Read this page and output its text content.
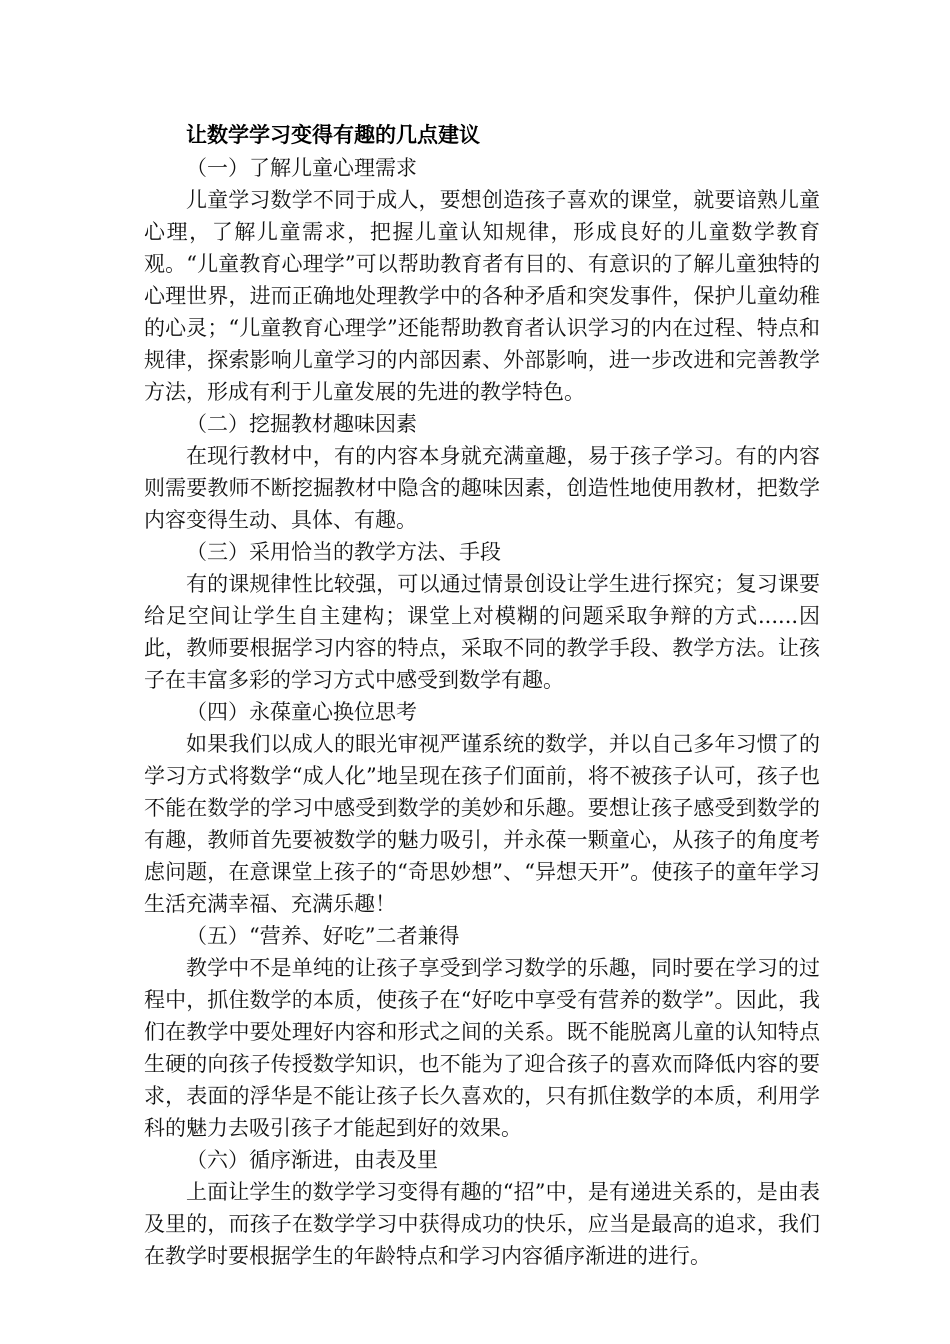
让数学学习变得有趣的几点建议

（一）了解儿童心理需求

儿童学习数学不同于成人，要想创造孩子喜欢的课堂，就要谙熟儿童心理，了解儿童需求，把握儿童认知规律，形成良好的儿童数学教育观。“儿童教育心理学”可以帮助教育者有目的、有意识的了解儿童独特的心理世界，进而正确地处理教学中的各种矛盾和突发事件，保护儿童幼稚的心灵；“儿童教育心理学”还能帮助教育者认识学习的内在过程、特点和规律，探索影响儿童学习的内部因素、外部影响，进一步改进和完善教学方法，形成有利于儿童发展的先进的教学特色。

（二）挖掘教材趣味因素

在现行教材中，有的内容本身就充满童趣，易于孩子学习。有的内容则需要教师不断挖掘教材中隐含的趣味因素，创造性地使用教材，把数学内容变得生动、具体、有趣。

（三）采用恰当的教学方法、手段

有的课规律性比较强，可以通过情景创设让学生进行探究；复习课要给足空间让学生自主建构；课堂上对模糊的问题采取争辩的方式......因此，教师要根据学习内容的特点，采取不同的教学手段、教学方法。让孩子在丰富多彩的学习方式中感受到数学有趣。

（四）永葆童心换位思考

如果我们以成人的眼光审视严谨系统的数学，并以自己多年习惯了的学习方式将数学“成人化”地呈现在孩子们面前，将不被孩子认可，孩子也不能在数学的学习中感受到数学的美妙和乐趣。要想让孩子感受到数学的有趣，教师首先要被数学的魅力吸引，并永葆一颗童心，从孩子的角度考虑问题，在意课堂上孩子的“奇思妙想”、“异想天开”。使孩子的童年学习生活充满幸福、充满乐趣！

（五）“营养、好吃”二者兼得

教学中不是单纯的让孩子享受到学习数学的乐趣，同时要在学习的过程中，抓住数学的本质，使孩子在“好吃中享受有营养的数学”。因此，我们在教学中要处理好内容和形式之间的关系。既不能脱离儿童的认知特点生硬的向孩子传授数学知识，也不能为了迎合孩子的喜欢而降低内容的要求，表面的浮华是不能让孩子长久喜欢的，只有抓住数学的本质，利用学科的魅力去吸引孩子才能起到好的效果。

（六）循序渐进，由表及里

上面让学生的数学学习变得有趣的“招”中，是有递进关系的，是由表及里的，而孩子在数学学习中获得成功的快乐，应当是最高的追求，我们在教学时要根据学生的年龄特点和学习内容循序渐进的进行。
